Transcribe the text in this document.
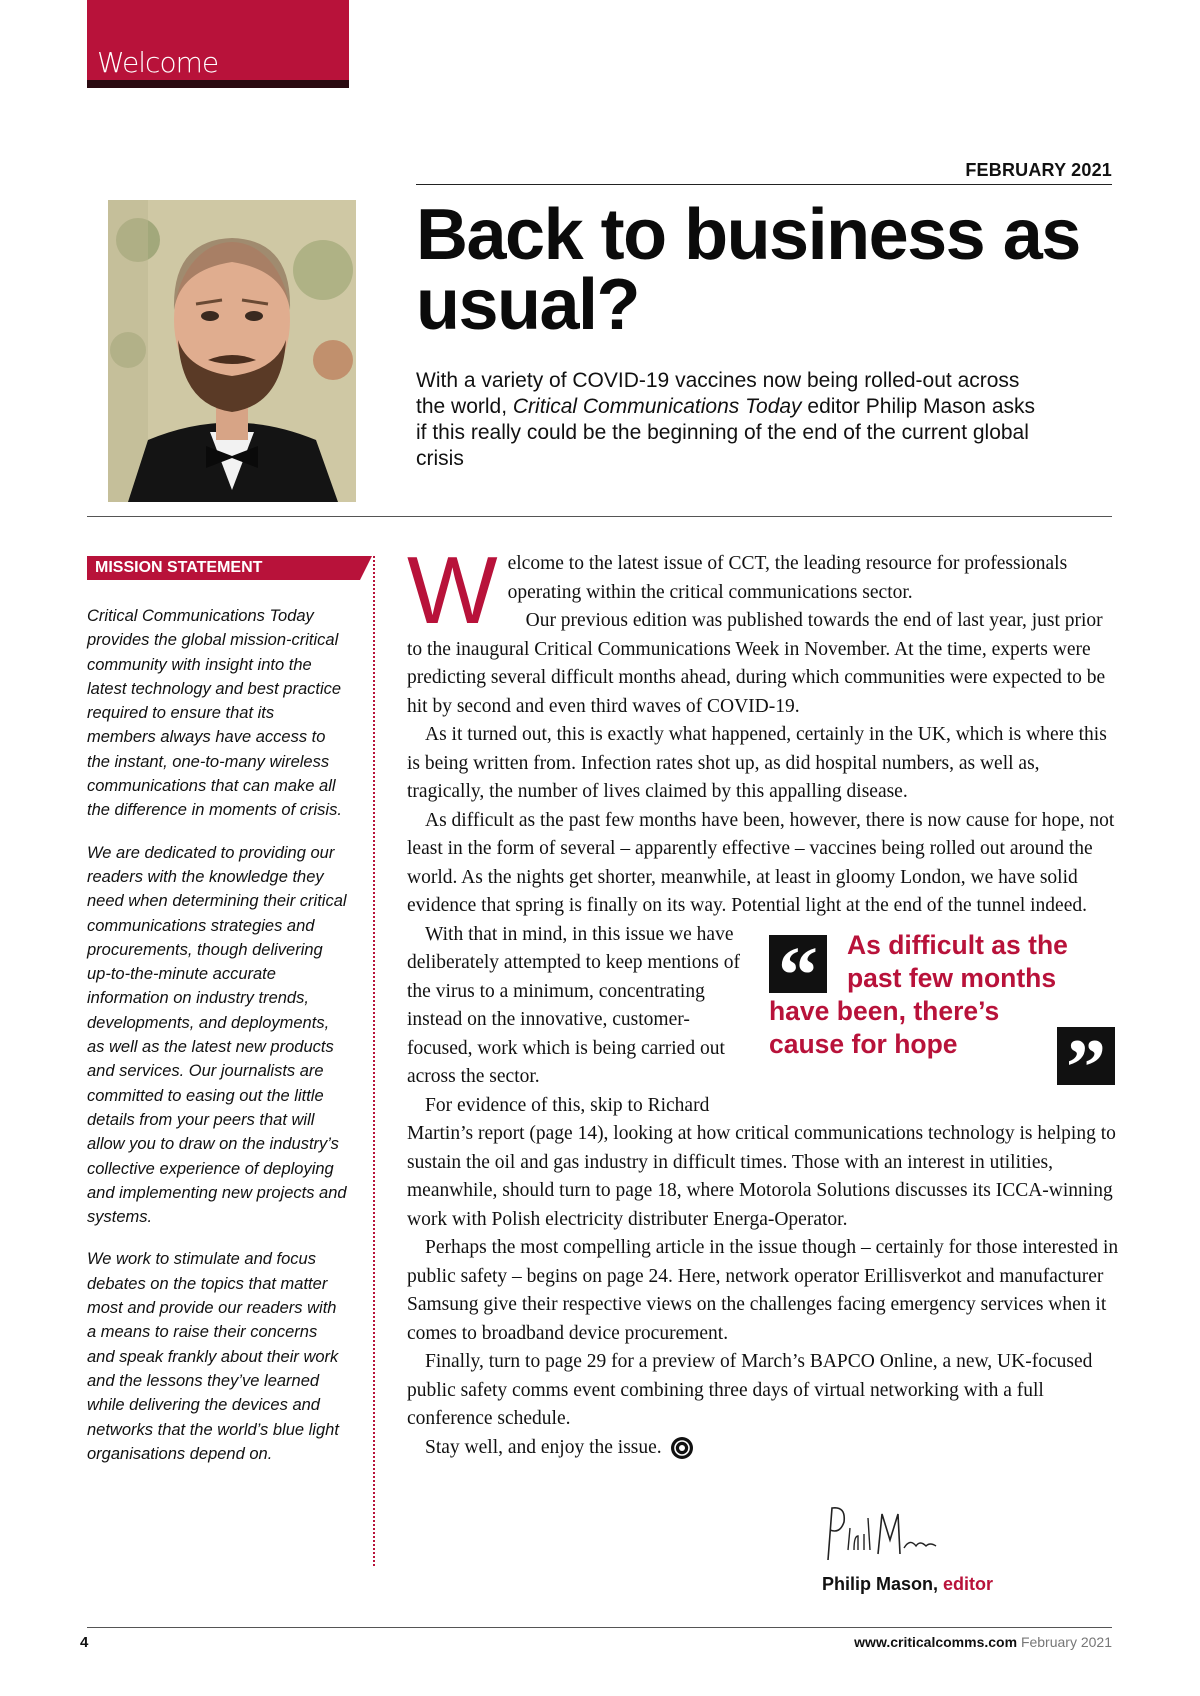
Welcome
FEBRUARY 2021
Back to business as usual?
With a variety of COVID-19 vaccines now being rolled-out across the world, Critical Communications Today editor Philip Mason asks if this really could be the beginning of the end of the current global crisis
MISSION STATEMENT

Critical Communications Today provides the global mission-critical community with insight into the latest technology and best practice required to ensure that its members always have access to the instant, one-to-many wireless communications that can make all the difference in moments of crisis.

We are dedicated to providing our readers with the knowledge they need when determining their critical communications strategies and procurements, though delivering up-to-the-minute accurate information on industry trends, developments, and deployments, as well as the latest new products and services. Our journalists are committed to easing out the little details from your peers that will allow you to draw on the industry’s collective experience of deploying and implementing new projects and systems.

We work to stimulate and focus debates on the topics that matter most and provide our readers with a means to raise their concerns and speak frankly about their work and the lessons they’ve learned while delivering the devices and networks that the world’s blue light organisations depend on.

W elcome to the latest issue of CCT, the leading resource for professionals operating within the critical communications sector.

Our previous edition was published towards the end of last year, just prior to the inaugural Critical Communications Week in November. At the time, experts were predicting several difficult months ahead, during which communities were expected to be hit by second and even third waves of COVID-19.

As it turned out, this is exactly what happened, certainly in the UK, which is where this is being written from. Infection rates shot up, as did hospital numbers, as well as, tragically, the number of lives claimed by this appalling disease.

As difficult as the past few months have been, however, there is now cause for hope, not least in the form of several – apparently effective – vaccines being rolled out around the world. As the nights get shorter, meanwhile, at least in gloomy London, we have solid evidence that spring is finally on its way. Potential light at the end of the tunnel indeed.

“
”
As difficult as the
past few months
have been, there’s
cause for hope

With that in mind, in this issue we have deliberately attempted to keep mentions of the virus to a minimum, concentrating instead on the innovative, customer-focused, work which is being carried out across the sector.

For evidence of this, skip to Richard Martin’s report (page 14), looking at how critical communications technology is helping to sustain the oil and gas industry in difficult times. Those with an interest in utilities, meanwhile, should turn to page 18, where Motorola Solutions discusses its ICCA-winning work with Polish electricity distributer Energa-Operator.

Perhaps the most compelling article in the issue though – certainly for those interested in public safety – begins on page 24. Here, network operator Erillisverkot and manufacturer Samsung give their respective views on the challenges facing emergency services when it comes to broadband device procurement.

Finally, turn to page 29 for a preview of March’s BAPCO Online, a new, UK-focused public safety comms event combining three days of virtual networking with a full conference schedule.

Stay well, and enjoy the issue.

Philip Mason, editor
4	www.criticalcomms.com February 2021
